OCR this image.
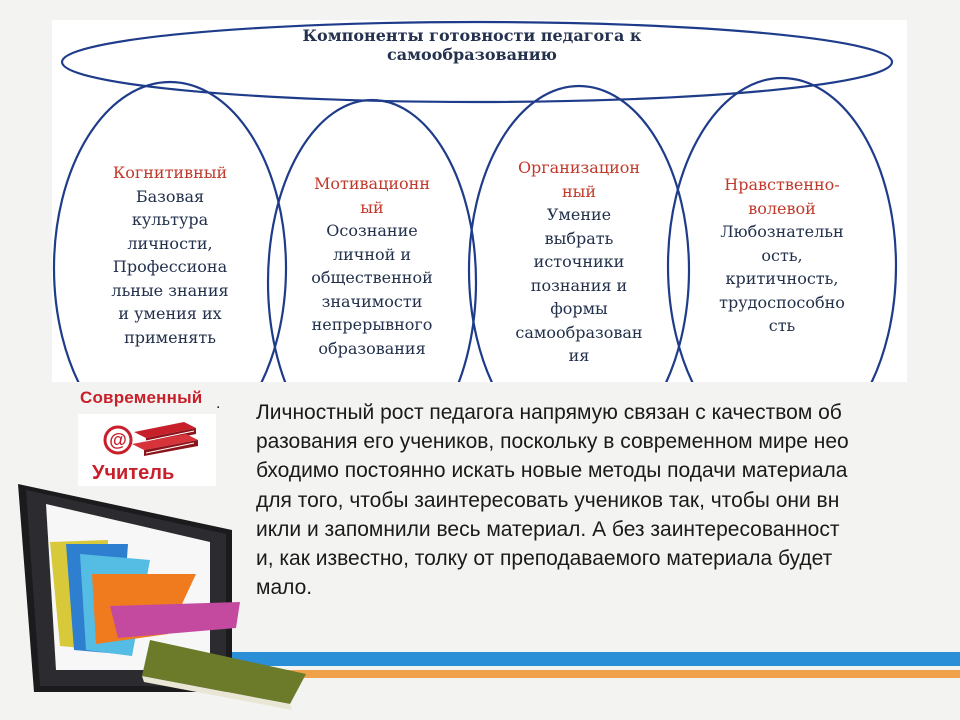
Компоненты готовности педагога к
самообразованию
Когнитивный
Базовая
культура
личности,
Профессиона
льные знания
и умения их
применять
Мотивационн
ый
Осознание
личной и
общественной
значимости
непрерывного
образования
Организацион
ный
Умение
выбрать
источники
познания и
формы
самообразован
ия
Нравственно-
волевой
Любознательн
ость,
критичность,
трудоспособно
сть
@
Современный
Учитель
. Личностный рост педагога напрямую связан с качеством об
разования его учеников, поскольку в современном мире нео
бходимо постоянно искать новые методы подачи материала
для того, чтобы заинтересовать учеников так, чтобы они вн
икли и запомнили весь материал. А без заинтересованност
и, как известно, толку от преподаваемого материала будет
мало.
